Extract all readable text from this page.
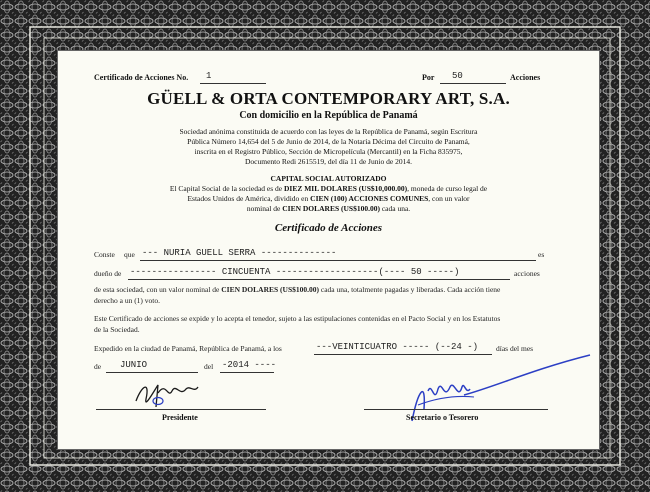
Certificado de Acciones No. 1	Por 50	Acciones
GÜELL & ORTA CONTEMPORARY ART, S.A.
Con domicilio en la República de Panamá
Sociedad anónima constituida de acuerdo con las leyes de la República de Panamá, según Escritura
Pública Número 14,654 del 5 de Junio de 2014, de la Notaría Décima del Circuito de Panamá,
inscrita en el Registro Público, Sección de Micropelícula (Mercantil) en la Ficha 835975,
Documento Redi 2615519, del día 11 de Junio de 2014.
CAPITAL SOCIAL AUTORIZADO
El Capital Social de la sociedad es de DIEZ MIL DOLARES (US$10,000.00), moneda de curso legal de
Estados Unidos de América, dividido en CIEN (100) ACCIONES COMUNES, con un valor
nominal de CIEN DOLARES (US$100.00) cada una.
Certificado de Acciones
Conste que --- NURIA GUELL SERRA --------------	es
dueño de ---------------- CINCUENTA -------------------(---- 50 -----)	acciones
de esta sociedad, con un valor nominal de CIEN DOLARES (US$100.00) cada una, totalmente pagadas y liberadas. Cada acción tiene
derecho a un (1) voto.
Este Certificado de acciones se expide y lo acepta el tenedor, sujeto a las estipulaciones contenidas en el Pacto Social y en los Estatutos
de la Sociedad.
Expedido en la ciudad de Panamá, República de Panamá, a los	---VEINTICUATRO ----- (--24 -) días del mes
de JUNIO	del -2014 ----
Presidente	Secretario o Tesorero
